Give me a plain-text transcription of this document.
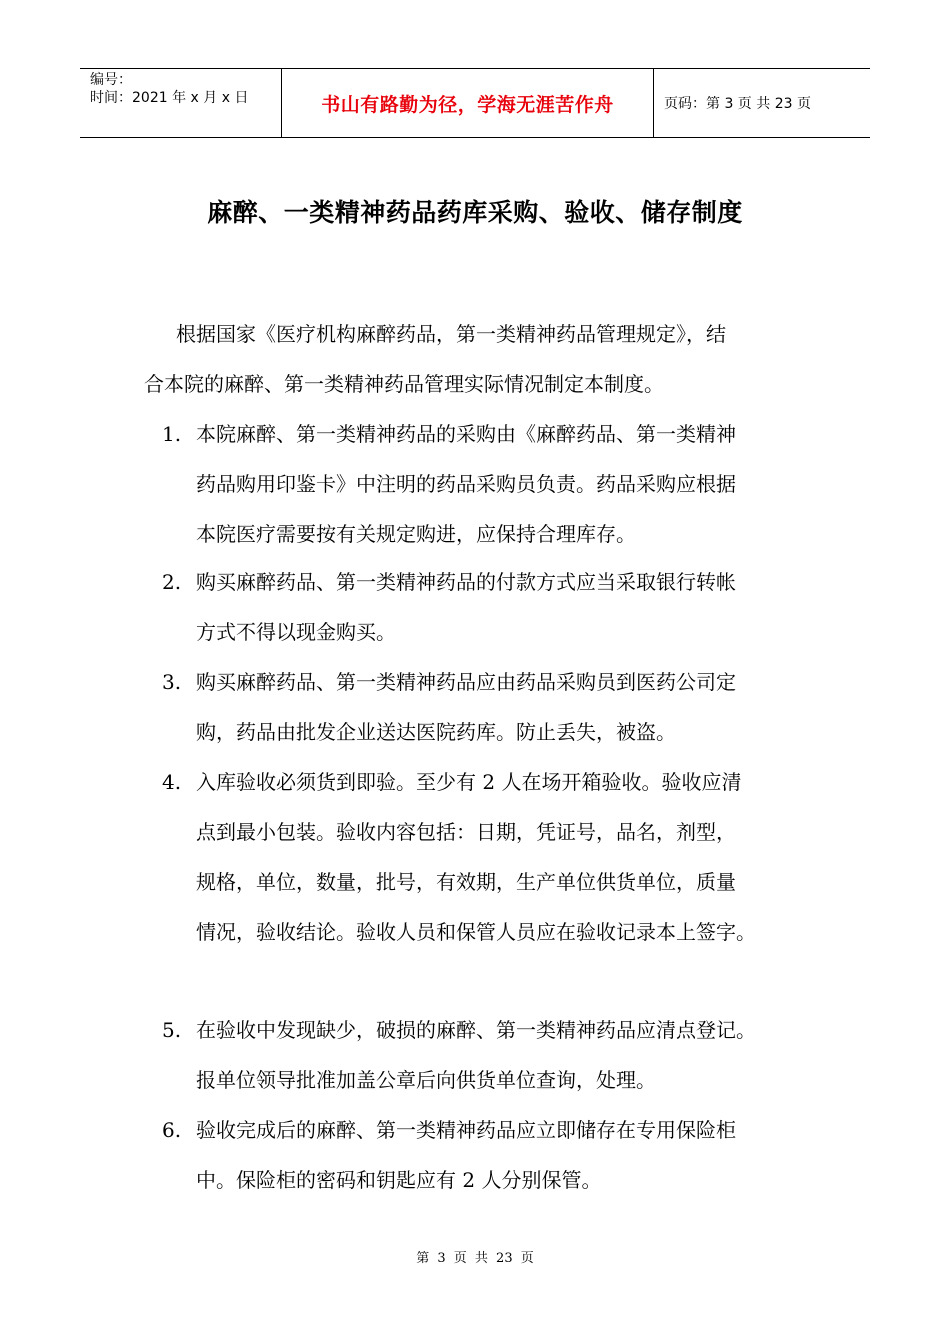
编号：
时间：2021 年 x 月 x 日	书山有路勤为径，学海无涯苦作舟	页码：第 3 页 共 23 页
麻醉、一类精神药品药库采购、验收、储存制度
根据国家《医疗机构麻醉药品，第一类精神药品管理规定》，结
合本院的麻醉、第一类精神药品管理实际情况制定本制度。
1. 本院麻醉、第一类精神药品的采购由《麻醉药品、第一类精神
药品购用印鉴卡》中注明的药品采购员负责。药品采购应根据
本院医疗需要按有关规定购进，应保持合理库存。
2. 购买麻醉药品、第一类精神药品的付款方式应当采取银行转帐
方式不得以现金购买。
3. 购买麻醉药品、第一类精神药品应由药品采购员到医药公司定
购，药品由批发企业送达医院药库。防止丢失，被盗。
4. 入库验收必须货到即验。至少有 2 人在场开箱验收。验收应清
点到最小包装。验收内容包括：日期，凭证号，品名，剂型，
规格，单位，数量，批号，有效期，生产单位供货单位，质量
情况，验收结论。验收人员和保管人员应在验收记录本上签字。
5. 在验收中发现缺少，破损的麻醉、第一类精神药品应清点登记。
报单位领导批准加盖公章后向供货单位查询，处理。
6. 验收完成后的麻醉、第一类精神药品应立即储存在专用保险柜
中。保险柜的密码和钥匙应有 2 人分别保管。
第 3 页 共 23 页
